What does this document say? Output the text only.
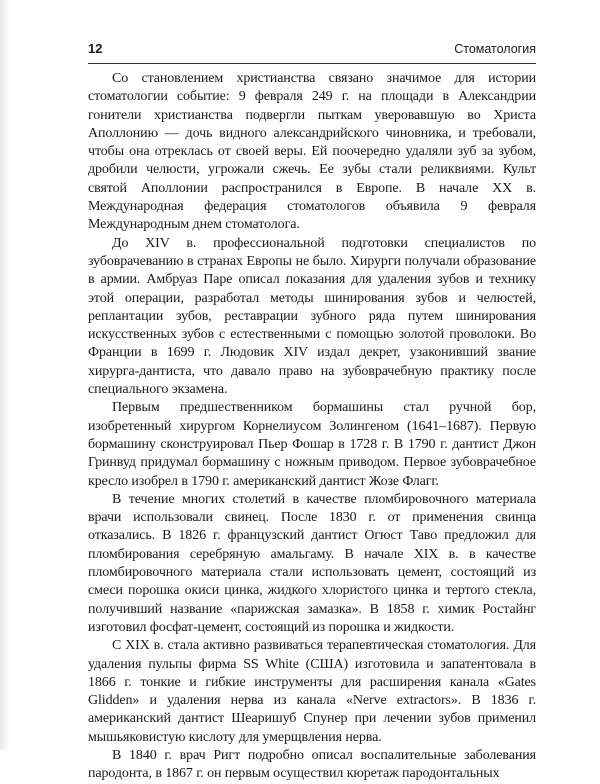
12	Стоматология

Со становлением христианства связано значимое для истории стоматологии событие: 9 февраля 249 г. на площади в Александрии гонители христианства подвергли пыткам уверовавшую во Христа Аполлонию — дочь видного александрийского чиновника, и требовали, чтобы она отреклась от своей веры. Ей поочередно удаляли зуб за зубом, дробили челюсти, угрожали сжечь. Ее зубы стали реликвиями. Культ святой Аполлонии распространился в Европе. В начале XX в. Международная федерация стоматологов объявила 9 февраля Международным днем стоматолога.

До XIV в. профессиональной подготовки специалистов по зубоврачеванию в странах Европы не было. Хирурги получали образование в армии. Амбруаз Паре описал показания для удаления зубов и технику этой операции, разработал методы шинирования зубов и челюстей, реплантации зубов, реставрации зубного ряда путем шинирования искусственных зубов с естественными с помощью золотой проволоки. Во Франции в 1699 г. Людовик XIV издал декрет, узаконивший звание хирурга-дантиста, что давало право на зубоврачебную практику после специального экзамена.

Первым предшественником бормашины стал ручной бор, изобретенный хирургом Корнелиусом Золингеном (1641–1687). Первую бормашину сконструировал Пьер Фошар в 1728 г. В 1790 г. дантист Джон Гринвуд придумал бормашину с ножным приводом. Первое зубоврачебное кресло изобрел в 1790 г. американский дантист Жозе Флагг.

В течение многих столетий в качестве пломбировочного материала врачи использовали свинец. После 1830 г. от применения свинца отказались. В 1826 г. французский дантист Огюст Таво предложил для пломбирования серебряную амальгаму. В начале XIX в. в качестве пломбировочного материала стали использовать цемент, состоящий из смеси порошка окиси цинка, жидкого хлористого цинка и тертого стекла, получивший название «парижская замазка». В 1858 г. химик Ростайнг изготовил фосфат-цемент, состоящий из порошка и жидкости.

С XIX в. стала активно развиваться терапевтическая стоматология. Для удаления пульпы фирма SS White (США) изготовила и запатентовала в 1866 г. тонкие и гибкие инструменты для расширения канала «Gates Glidden» и удаления нерва из канала «Nerve extractors». В 1836 г. американский дантист Шеаришуб Спунер при лечении зубов применил мышьяковистую кислоту для умерщвления нерва.

В 1840 г. врач Ригт подробно описал воспалительные заболевания пародонта, в 1867 г. он первым осуществил кюретаж пародонтальных
